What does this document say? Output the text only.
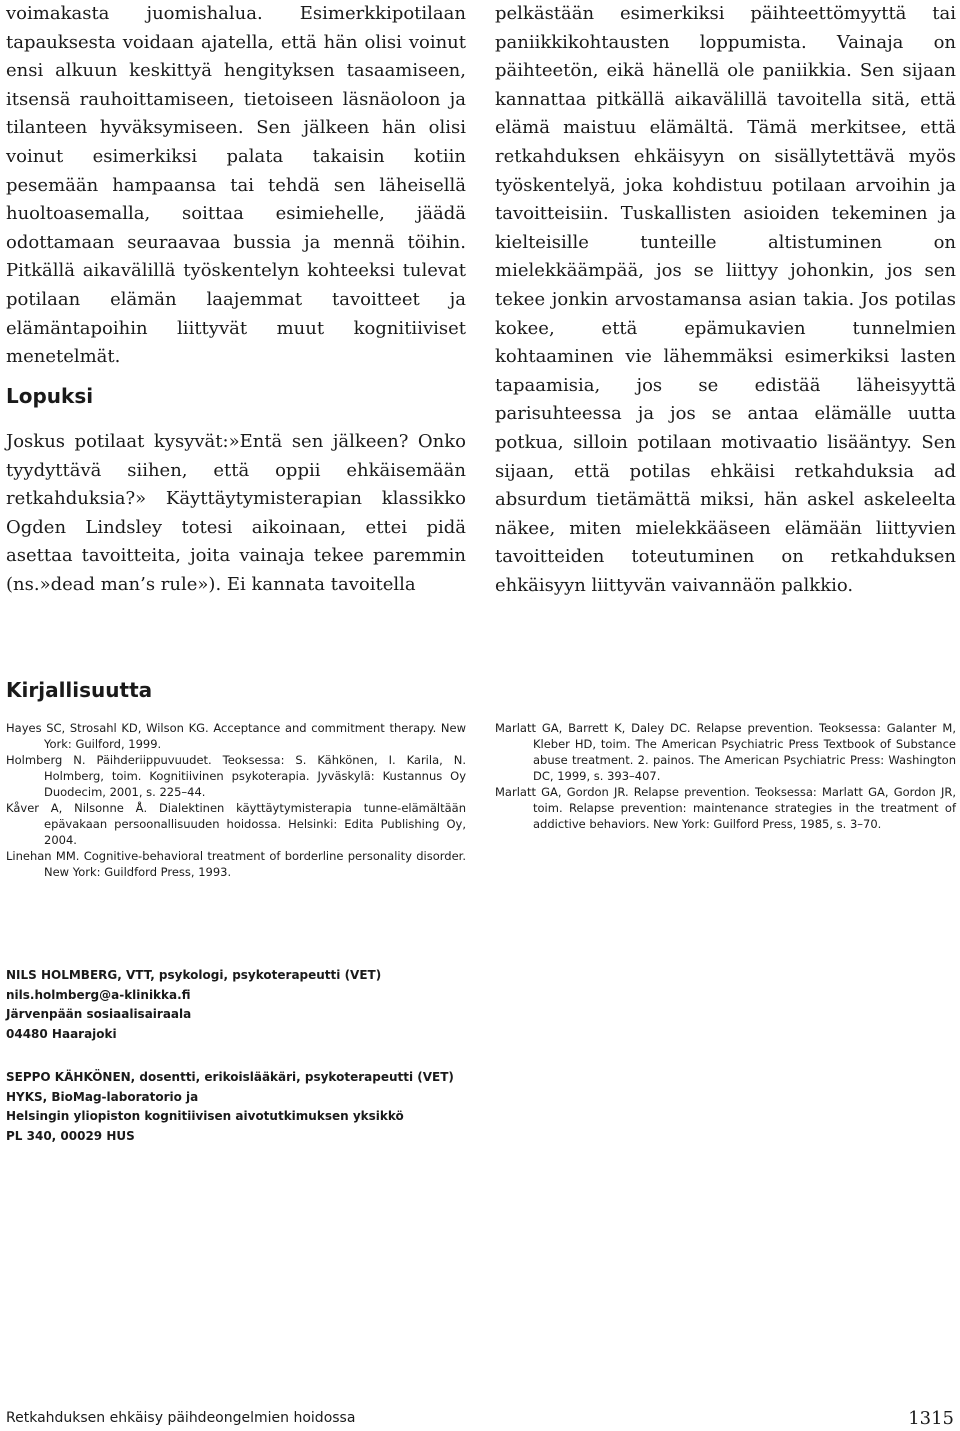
voimakasta juomishalua. Esimerkkipotilaan tapauksesta voidaan ajatella, että hän olisi voinut ensi alkuun keskittyä hengityksen tasaamiseen, itsensä rauhoittamiseen, tietoiseen läsnäoloon ja tilanteen hyväksymiseen. Sen jälkeen hän olisi voinut esimerkiksi palata takaisin kotiin pesemään hampaansa tai tehdä sen läheisellä huoltoasemalla, soittaa esimiehelle, jäädä odottamaan seuraavaa bussia ja mennä töihin. Pitkällä aikavälillä työskentelyn kohteeksi tulevat potilaan elämän laajemmat tavoitteet ja elämäntapoihin liittyvät muut kognitiiviset menetelmät.

Lopuksi
Joskus potilaat kysyvät:»Entä sen jälkeen? Onko tyydyttävä siihen, että oppii ehkäisemään retkahduksia?» Käyttäytymisterapian klassikko Ogden Lindsley totesi aikoinaan, ettei pidä asettaa tavoitteita, joita vainaja tekee paremmin (ns.»dead man’s rule»). Ei kannata tavoitella

pelkästään esimerkiksi päihteettömyyttä tai paniikkikohtausten loppumista. Vainaja on päihteetön, eikä hänellä ole paniikkia. Sen sijaan kannattaa pitkällä aikavälillä tavoitella sitä, että elämä maistuu elämältä. Tämä merkitsee, että retkahduksen ehkäisyyn on sisällytettävä myös työskentelyä, joka kohdistuu potilaan arvoihin ja tavoitteisiin. Tuskallisten asioiden tekeminen ja kielteisille tunteille altistuminen on mielekkäämpää, jos se liittyy johonkin, jos sen tekee jonkin arvostamansa asian takia. Jos potilas kokee, että epämukavien tunnelmien kohtaaminen vie lähemmäksi esimerkiksi lasten tapaamisia, jos se edistää läheisyyttä parisuhteessa ja jos se antaa elämälle uutta potkua, silloin potilaan motivaatio lisääntyy. Sen sijaan, että potilas ehkäisi retkahduksia ad absurdum tietämättä miksi, hän askel askeleelta näkee, miten mielekkääseen elämään liittyvien tavoitteiden toteutuminen on retkahduksen ehkäisyyn liittyvän vaivannäön palkkio.

Kirjallisuutta

Hayes SC, Strosahl KD, Wilson KG. Acceptance and commitment therapy. New York: Guilford, 1999.

Holmberg N. Päihderiippuvuudet. Teoksessa: S. Kähkönen, I. Karila, N. Holmberg, toim. Kognitiivinen psykoterapia. Jyväskylä: Kustannus Oy Duodecim, 2001, s. 225–44.

Kåver A, Nilsonne Å. Dialektinen käyttäytymisterapia tunne-elämältään epävakaan persoonallisuuden hoidossa. Helsinki: Edita Publishing Oy, 2004.

Linehan MM. Cognitive-behavioral treatment of borderline personality disorder. New York: Guildford Press, 1993.

Marlatt GA, Barrett K, Daley DC. Relapse prevention. Teoksessa: Galanter M, Kleber HD, toim. The American Psychiatric Press Textbook of Substance abuse treatment. 2. painos. The American Psychiatric Press: Washington DC, 1999, s. 393–407.

Marlatt GA, Gordon JR. Relapse prevention. Teoksessa: Marlatt GA, Gordon JR, toim. Relapse prevention: maintenance strategies in the treatment of addictive behaviors. New York: Guilford Press, 1985, s. 3–70.

NILS HOLMBERG, VTT, psykologi, psykoterapeutti (VET)
nils.holmberg@a-klinikka.fi
Järvenpään sosiaalisairaala
04480 Haarajoki
SEPPO KÄHKÖNEN, dosentti, erikoislääkäri, psykoterapeutti (VET)
HYKS, BioMag-laboratorio ja
Helsingin yliopiston kognitiivisen aivotutkimuksen yksikkö
PL 340, 00029 HUS
Retkahduksen ehkäisy päihdeongelmien hoidossa	1315
